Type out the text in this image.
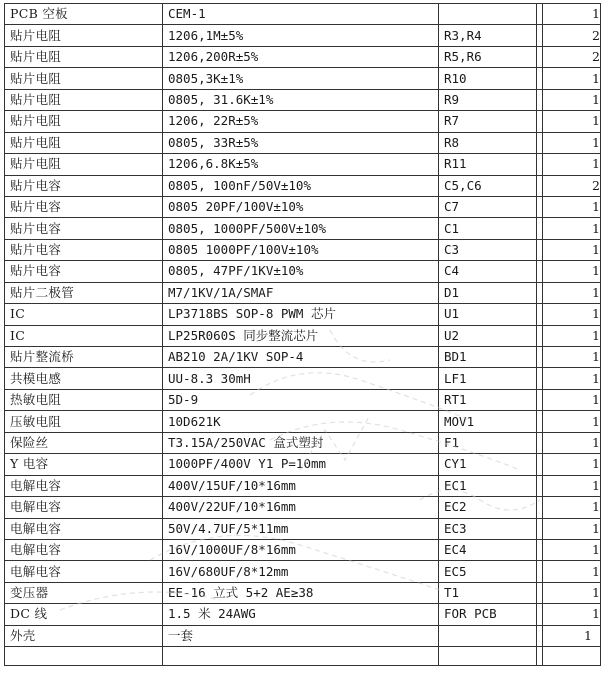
PCB 空板	CEM-1			1
贴片电阻	1206,1M±5%	R3,R4		2
贴片电阻	1206,200R±5%	R5,R6		2
贴片电阻	0805,3K±1%	R10		1
贴片电阻	0805, 31.6K±1%	R9		1
贴片电阻	1206, 22R±5%	R7		1
贴片电阻	0805, 33R±5%	R8		1
贴片电阻	1206,6.8K±5%	R11		1
贴片电容	0805, 100nF/50V±10%	C5,C6		2
贴片电容	0805 20PF/100V±10%	C7		1
贴片电容	0805, 1000PF/500V±10%	C1		1
贴片电容	0805 1000PF/100V±10%	C3		1
贴片电容	0805, 47PF/1KV±10%	C4		1
贴片二极管	M7/1KV/1A/SMAF	D1		1
IC	LP3718BS SOP-8 PWM 芯片	U1		1
IC	LP25R060S 同步整流芯片	U2		1
贴片整流桥	AB210 2A/1KV SOP-4	BD1		1
共模电感	UU-8.3 30mH	LF1		1
热敏电阻	5D-9	RT1		1
压敏电阻	10D621K	MOV1		1
保险丝	T3.15A/250VAC 盒式塑封	F1		1
Y 电容	1000PF/400V Y1 P=10mm	CY1		1
电解电容	400V/15UF/10*16mm	EC1		1
电解电容	400V/22UF/10*16mm	EC2		1
电解电容	50V/4.7UF/5*11mm	EC3		1
电解电容	16V/1000UF/8*16mm	EC4		1
电解电容	16V/680UF/8*12mm	EC5		1
变压器	EE-16 立式 5+2 AE≥38	T1		1
DC 线	1.5 米 24AWG	FOR PCB		1
外壳	一套			1
